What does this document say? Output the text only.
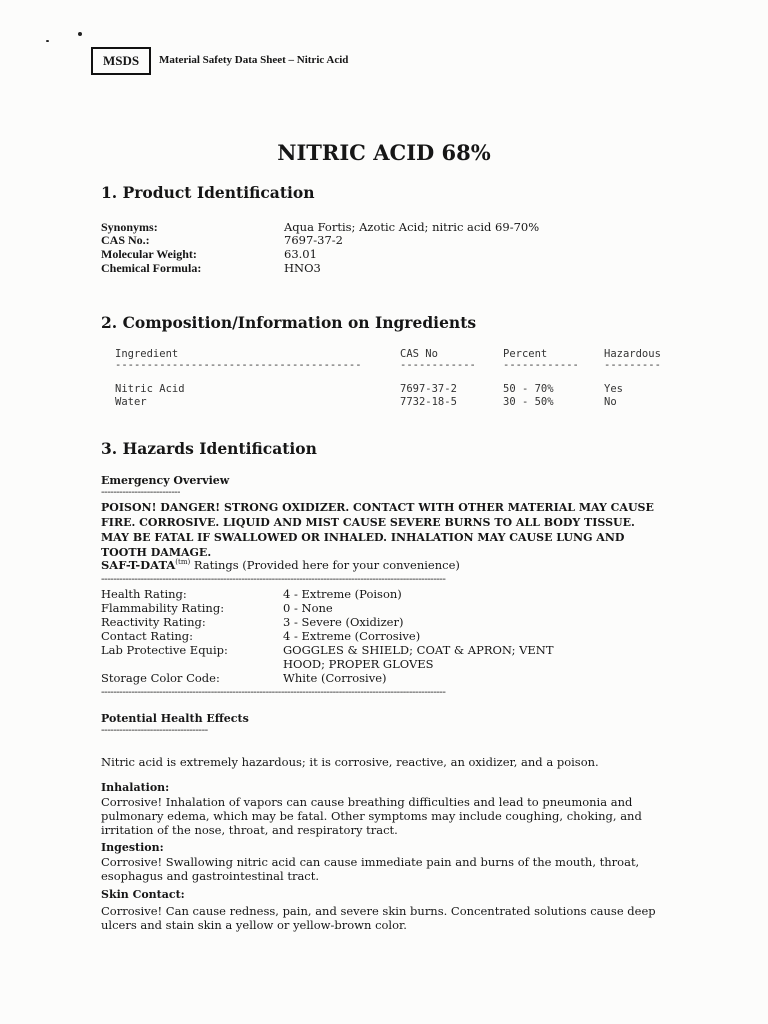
MSDS	Material Safety Data Sheet – Nitric Acid
NITRIC ACID 68%
1. Product Identification
Synonyms:	Aqua Fortis; Azotic Acid; nitric acid 69-70%
CAS No.:	7697-37-2
Molecular Weight:	63.01
Chemical Formula:	HNO3
2. Composition/Information on Ingredients
Ingredient	CAS No	Percent	Hazardous
---------------------------------------	------------	------------ ---------
Nitric Acid	7697-37-2	50 - 70%	Yes
Water	7732-18-5	30 - 50%	No
3. Hazards Identification
Emergency Overview
--------------------------
POISON! DANGER! STRONG OXIDIZER. CONTACT WITH OTHER MATERIAL MAY CAUSE FIRE. CORROSIVE. LIQUID AND MIST CAUSE SEVERE BURNS TO ALL BODY TISSUE. MAY BE FATAL IF SWALLOWED OR INHALED. INHALATION MAY CAUSE LUNG AND TOOTH DAMAGE.
SAF-$T-DATA^{(tm)}$ Ratings (Provided here for your convenience)
-----------------------------------------------------------------------------------------------------------------
Health Rating:	4 - Extreme (Poison)
Flammability Rating:	0 - None
Reactivity Rating:	3 - Severe (Oxidizer)
Contact Rating:	4 - Extreme (Corrosive)
Lab Protective Equip:	GOGGLES & SHIELD; COAT & APRON; VENT HOOD; PROPER GLOVES
Storage Color Code:	White (Corrosive)
-----------------------------------------------------------------------------------------------------------------
Potential Health Effects
-----------------------------------
Nitric acid is extremely hazardous; it is corrosive, reactive, an oxidizer, and a poison.
Inhalation:
Corrosive! Inhalation of vapors can cause breathing difficulties and lead to pneumonia and pulmonary edema, which may be fatal. Other symptoms may include coughing, choking, and irritation of the nose, throat, and respiratory tract.
Ingestion:
Corrosive! Swallowing nitric acid can cause immediate pain and burns of the mouth, throat, esophagus and gastrointestinal tract.
Skin Contact:
Corrosive! Can cause redness, pain, and severe skin burns. Concentrated solutions cause deep ulcers and stain skin a yellow or yellow-brown color.
